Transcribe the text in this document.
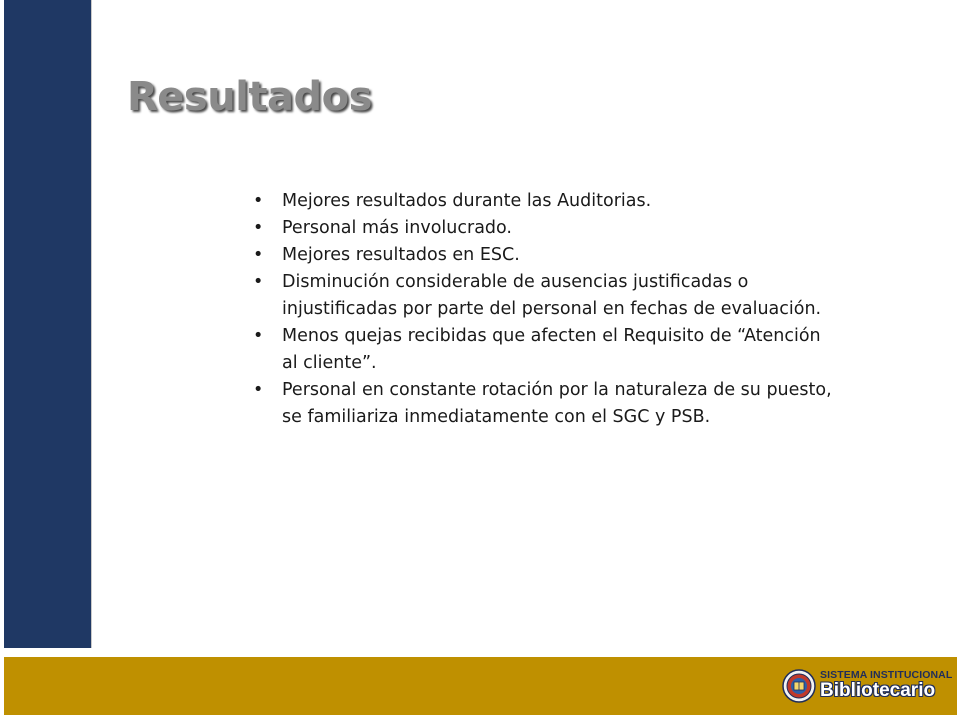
Resultados
• Mejores resultados durante las Auditorias.
• Personal más involucrado.
• Mejores resultados en ESC.
• Disminución considerable de ausencias justificadas o injustificadas por parte del personal en fechas de evaluación.
• Menos quejas recibidas que afecten el Requisito de “Atención al cliente”.
• Personal en constante rotación por la naturaleza de su puesto, se familiariza inmediatamente con el SGC y PSB.
SISTEMA INSTITUCIONAL
Bibliotecario
